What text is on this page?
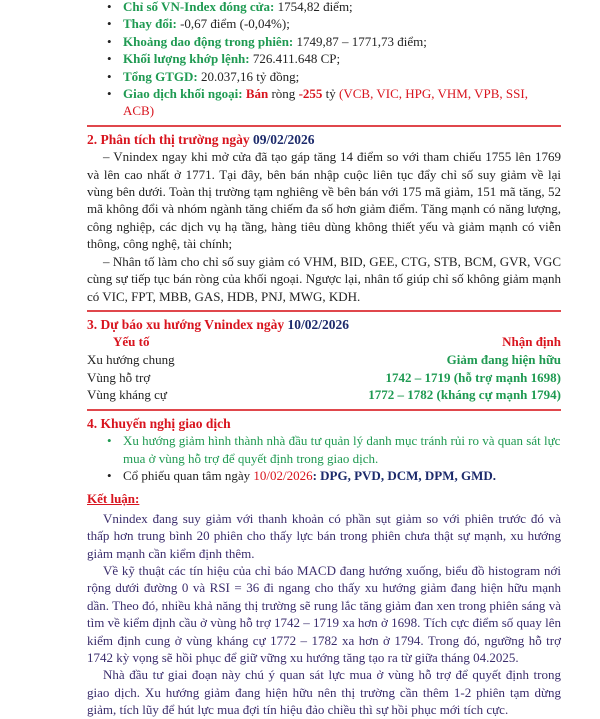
• Chỉ số VN-Index đóng cửa: 1754,82 điểm;
• Thay đổi: -0,67 điểm (-0,04%);
• Khoảng dao động trong phiên: 1749,87 – 1771,73 điểm;
• Khối lượng khớp lệnh: 726.411.648 CP;
• Tổng GTGD: 20.037,16 tỷ đồng;
• Giao dịch khối ngoại: Bán ròng -255 tỷ (VCB, VIC, HPG, VHM, VPB, SSI, ACB)
2. Phân tích thị trường ngày 09/02/2026

– Vnindex ngay khi mở cửa đã tạo gáp tăng 14 điểm so với tham chiếu 1755 lên 1769 và lên cao nhất ở 1771. Tại đây, bên bán nhập cuộc liên tục đẩy chỉ số suy giảm về lại vùng bên dưới. Toàn thị trường tạm nghiêng về bên bán với 175 mã giảm, 151 mã tăng, 52 mã không đổi và nhóm ngành tăng chiếm đa số hơn giảm điểm. Tăng mạnh có năng lượng, công nghiệp, các dịch vụ hạ tầng, hàng tiêu dùng không thiết yếu và giảm mạnh có viễn thông, công nghệ, tài chính;

– Nhân tố làm cho chỉ số suy giảm có VHM, BID, GEE, CTG, STB, BCM, GVR, VGC cùng sự tiếp tục bán ròng của khối ngoại. Ngược lại, nhân tố giúp chỉ số không giảm mạnh có VIC, FPT, MBB, GAS, HDB, PNJ, MWG, KDH.

3. Dự báo xu hướng Vnindex ngày 10/02/2026
Yếu tố	Nhận định
Xu hướng chung	Giảm đang hiện hữu
Vùng hỗ trợ	1742 – 1719 (hỗ trợ mạnh 1698)
Vùng kháng cự	1772 – 1782 (kháng cự mạnh 1794)
4. Khuyến nghị giao dịch
• Xu hướng giảm hình thành nhà đầu tư quản lý danh mục tránh rủi ro và quan sát lực mua ở vùng hỗ trợ để quyết định trong giao dịch.
• Cổ phiếu quan tâm ngày 10/02/2026: DPG, PVD, DCM, DPM, GMD.
Kết luận:

Vnindex đang suy giảm với thanh khoản có phần sụt giảm so với phiên trước đó và thấp hơn trung bình 20 phiên cho thấy lực bán trong phiên chưa thật sự mạnh, xu hướng giảm mạnh cần kiểm định thêm.

Về kỹ thuật các tín hiệu của chỉ báo MACD đang hướng xuống, biểu đồ histogram nới rộng dưới đường 0 và RSI = 36 đi ngang cho thấy xu hướng giảm đang hiện hữu mạnh dần. Theo đó, nhiều khả năng thị trường sẽ rung lắc tăng giảm đan xen trong phiên sáng và tìm về kiểm định cầu ở vùng hỗ trợ 1742 – 1719 xa hơn ở 1698. Tích cực điểm số quay lên kiểm định cung ở vùng kháng cự 1772 – 1782 xa hơn ở 1794. Trong đó, ngưỡng hỗ trợ 1742 kỳ vọng sẽ hồi phục để giữ vững xu hướng tăng tạo ra từ giữa tháng 04.2025.

Nhà đầu tư giai đoạn này chú ý quan sát lực mua ở vùng hỗ trợ để quyết định trong giao dịch. Xu hướng giảm đang hiện hữu nên thị trường cần thêm 1-2 phiên tạm dừng giảm, tích lũy để hút lực mua đợi tín hiệu đảo chiều thì sự hồi phục mới tích cực.
